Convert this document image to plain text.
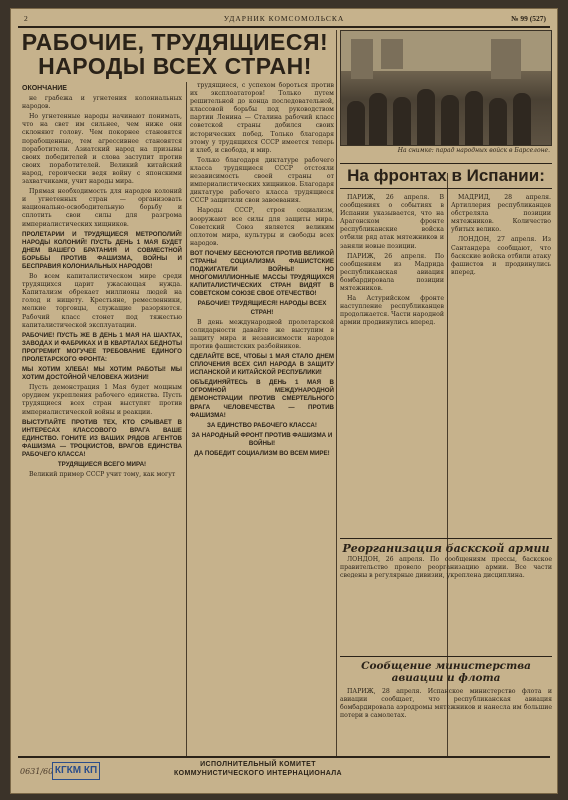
2	УДАРНИК КОМСОМОЛЬСКА	№ 99 (527)
РАБОЧИЕ, ТРУДЯЩИЕСЯ!
НАРОДЫ ВСЕХ СТРАН!
ОКОНЧАНИЕ

не грабежа и угнетения колониальных народов.

Но угнетенные народы начинают понимать, что на свет им сильнее, чем ниже они склоняют голову. Чем покорнее становятся порабощенные, тем агрессивнее становятся поработители. Азиатский народ на призывы своих победителей и слова заступит против своих поработителей. Великий китайский народ, героически ведя войну с японскими захватчиками, учит народы мира.

Прямая необходимость для народов колоний и угнетенных стран — организовать национально-освободительную борьбу и сплотить свои силы для разгрома империалистических хищников.

ПРОЛЕТАРИИ И ТРУДЯЩИЕСЯ МЕТРОПОЛИЙ! НАРОДЫ КОЛОНИЙ! ПУСТЬ ДЕНЬ 1 МАЯ БУДЕТ ДНЕМ ВАШЕГО БРАТАНИЯ И СОВМЕСТНОЙ БОРЬБЫ ПРОТИВ ФАШИЗМА, ВОЙНЫ И БЕСПРАВИЯ КОЛОНИАЛЬНЫХ НАРОДОВ!

Во всем капиталистическом мире среди трудящихся царит ужасающая нужда. Капитализм обрекает миллионы людей на голод и нищету. Крестьяне, ремесленники, мелкие торговцы, служащие разоряются. Рабочий класс стонет под тяжестью капиталистической эксплуатации.

РАБОЧИЕ! ПУСТЬ ЖЕ В ДЕНЬ 1 МАЯ НА ШАХТАХ, ЗАВОДАХ И ФАБРИКАХ И В КВАРТАЛАХ БЕДНОТЫ ПРОГРЕМИТ МОГУЧЕЕ ТРЕБОВАНИЕ ЕДИНОГО ПРОЛЕТАРСКОГО ФРОНТА:

МЫ ХОТИМ ХЛЕБА! МЫ ХОТИМ РАБОТЫ! МЫ ХОТИМ ДОСТОЙНОЙ ЧЕЛОВЕКА ЖИЗНИ!

Пусть демонстрация 1 Мая будет мощным орудием укрепления рабочего единства. Пусть трудящиеся всех стран выступят против империалистической войны и реакции.

ВЫСТУПАЙТЕ ПРОТИВ ТЕХ, КТО СРЫВАЕТ В ИНТЕРЕСАХ КЛАССОВОГО ВРАГА ВАШЕ ЕДИНСТВО. ГОНИТЕ ИЗ ВАШИХ РЯДОВ АГЕНТОВ ФАШИЗМА — ТРОЦКИСТОВ, ВРАГОВ ЕДИНСТВА РАБОЧЕГО КЛАССА!

ТРУДЯЩИЕСЯ ВСЕГО МИРА!

Великий пример СССР учит тому, как могут

трудящиеся, с успехом бороться против их эксплоататоров! Только путем решительной до конца последовательной, классовой борьбы под руководством партии Ленина — Сталина рабочий класс советской страны добился своих исторических побед. Только благодаря этому у трудящихся СССР имеется теперь и хлеб, и свобода, и мир.

Только благодаря диктатуре рабочего класса трудящиеся СССР отстояли независимость своей страны от империалистических хищников. Благодаря диктатуре рабочего класса трудящиеся СССР защитили свои завоевания.

Народы СССР, строя социализм, вооружают все силы для защиты мира. Советский Союз является великим оплотом мира, культуры и свободы всех народов.

ВОТ ПОЧЕМУ БЕСНУЮТСЯ ПРОТИВ ВЕЛИКОЙ СТРАНЫ СОЦИАЛИЗМА ФАШИСТСКИЕ ПОДЖИГАТЕЛИ ВОЙНЫ! НО МНОГОМИЛЛИОННЫЕ МАССЫ ТРУДЯЩИХСЯ КАПИТАЛИСТИЧЕСКИХ СТРАН ВИДЯТ В СОВЕТСКОМ СОЮЗЕ СВОЕ ОТЕЧЕСТВО!

РАБОЧИЕ! ТРУДЯЩИЕСЯ! НАРОДЫ ВСЕХ СТРАН!

В день международной пролетарской солидарности давайте же выступим в защиту мира и независимости народов против фашистских разбойников.

СДЕЛАЙТЕ ВСЕ, ЧТОБЫ 1 МАЯ СТАЛО ДНЕМ СПЛОЧЕНИЯ ВСЕХ СИЛ НАРОДА В ЗАЩИТУ ИСПАНСКОЙ И КИТАЙСКОЙ РЕСПУБЛИКИ!

ОБЪЕДИНЯЙТЕСЬ В ДЕНЬ 1 МАЯ В ОГРОМНОЙ МЕЖДУНАРОДНОЙ ДЕМОНСТРАЦИИ ПРОТИВ СМЕРТЕЛЬНОГО ВРАГА ЧЕЛОВЕЧЕСТВА — ПРОТИВ ФАШИЗМА!

ЗА ЕДИНСТВО РАБОЧЕГО КЛАССА!

ЗА НАРОДНЫЙ ФРОНТ ПРОТИВ ФАШИЗМА И ВОЙНЫ!

ДА ПОБЕДИТ СОЦИАЛИЗМ ВО ВСЕМ МИРЕ!

На снимке: парад народных войск в Барселоне.
На фронтах в Испании:

ПАРИЖ, 26 апреля. В сообщениях о событиях в Испании указывается, что на Арагонском фронте республиканские войска отбили ряд атак мятежников и заняли новые позиции.

ПАРИЖ, 26 апреля. По сообщениям из Мадрида республиканская авиация бомбардировала позиции мятежников.

На Астурийском фронте наступление республиканцев продолжается. Части народной армии продвинулись вперед.

МАДРИД, 28 апреля. Артиллерия республиканцев обстреляла позиции мятежников. Количество убитых велико.

ЛОНДОН, 27 апреля. Из Сантандера сообщают, что баскские войска отбили атаку фашистов и продвинулись вперед.

Реорганизация баскской армии

ЛОНДОН, 26 апреля. По сообщениям прессы, баскское правительство провело реорганизацию армии. Все части сведены в регулярные дивизии, укреплена дисциплина.

Сообщение министерства авиации и флота

ПАРИЖ, 28 апреля. Испанское министерство флота и авиации сообщает, что республиканская авиация бомбардировала аэродромы мятежников и нанесла им большие потери в самолетах.

0631/60 КГКМ КП
ИСПОЛНИТЕЛЬНЫЙ КОМИТЕТ
КОММУНИСТИЧЕСКОГО ИНТЕРНАЦИОНАЛА
